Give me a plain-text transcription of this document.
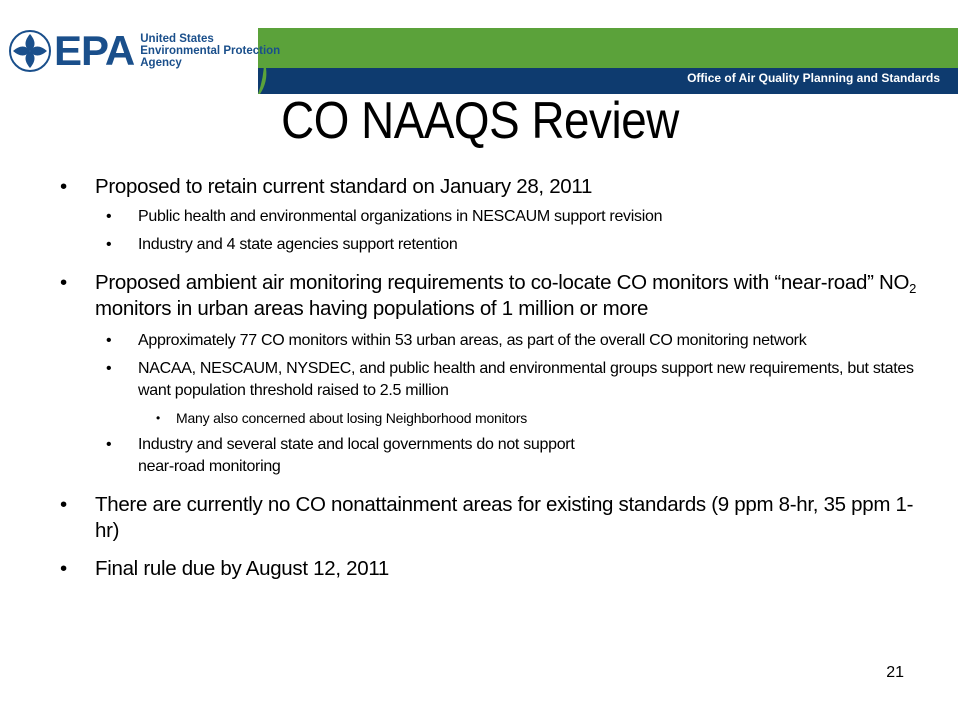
Office of Air Quality Planning and Standards
EPA United States
Environmental Protection
Agency
CO NAAQS Review
• Proposed to retain current standard on January 28, 2011
• Public health and environmental organizations in NESCAUM support revision
• Industry and 4 state agencies support retention
• Proposed ambient air monitoring requirements to co-locate CO monitors with “near-road” $NO_2$ monitors in urban areas having populations of 1 million or more
• Approximately 77 CO monitors within 53 urban areas, as part of the overall CO monitoring network
• NACAA, NESCAUM, NYSDEC, and public health and environmental groups support new requirements, but states want population threshold raised to 2.5 million
• Many also concerned about losing Neighborhood monitors
• Industry and several state and local governments do not support
near-road monitoring
• There are currently no CO nonattainment areas for existing standards (9 ppm 8-hr, 35 ppm 1-hr)
• Final rule due by August 12, 2011
21
